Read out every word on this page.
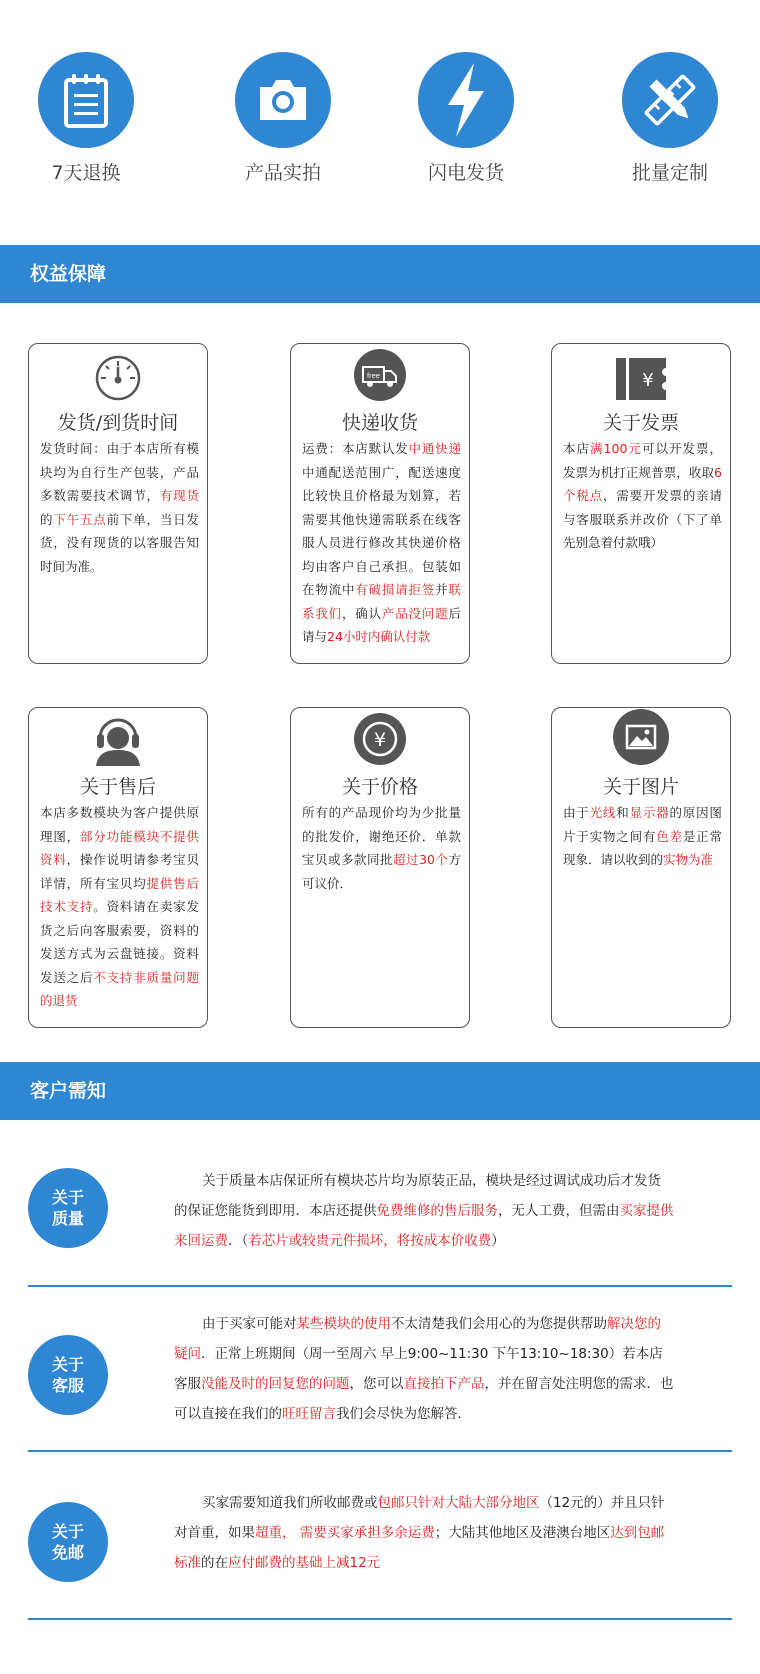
7天退换	产品实拍	闪电发货	批量定制
权益保障
发货/到货时间
发货时间：由于本店所有模块均为自行生产包装，产品多数需要技术调节，有现货的下午五点前下单，当日发货，没有现货的以客服告知时间为准。
free
快递收货
运费：本店默认发中通快递中通配送范围广，配送速度比较快且价格最为划算，若需要其他快递需联系在线客服人员进行修改其快递价格均由客户自己承担。包装如在物流中有破损请拒签并联系我们，确认产品没问题后请与24小时内确认付款
¥
关于发票
本店满100元可以开发票，发票为机打正规普票，收取6个税点，需要开发票的亲请与客服联系并改价（下了单先别急着付款哦）
关于售后
本店多数模块为客户提供原理图，部分功能模块不提供资料，操作说明请参考宝贝详情，所有宝贝均提供售后技术支持。资料请在卖家发货之后向客服索要，资料的发送方式为云盘链接。资料发送之后不支持非质量问题的退货
¥
关于价格
所有的产品现价均为少批量的批发价，谢绝还价．单款宝贝或多款同批超过30个方可议价．
关于图片
由于光线和显示器的原因图片于实物之间有色差是正常现象．请以收到的实物为准
客户需知
关于
质量
关于质量本店保证所有模块芯片均为原装正品，模块是经过调试成功后才发货的保证您能货到即用．本店还提供免费维修的售后服务，无人工费，但需由买家提供来回运费．（若芯片或较贵元件损坏，将按成本价收费）
关于
客服
由于买家可能对某些模块的使用不太清楚我们会用心的为您提供帮助解决您的疑问．正常上班期间（周一至周六 早上9:00~11:30 下午13:10~18:30）若本店客服没能及时的回复您的问题，您可以直接拍下产品，并在留言处注明您的需求．也可以直接在我们的旺旺留言我们会尽快为您解答．
关于
免邮
买家需要知道我们所收邮费或包邮只针对大陆大部分地区（12元的）并且只针对首重，如果超重， 需要买家承担多余运费；大陆其他地区及港澳台地区达到包邮标准的在应付邮费的基础上减12元
